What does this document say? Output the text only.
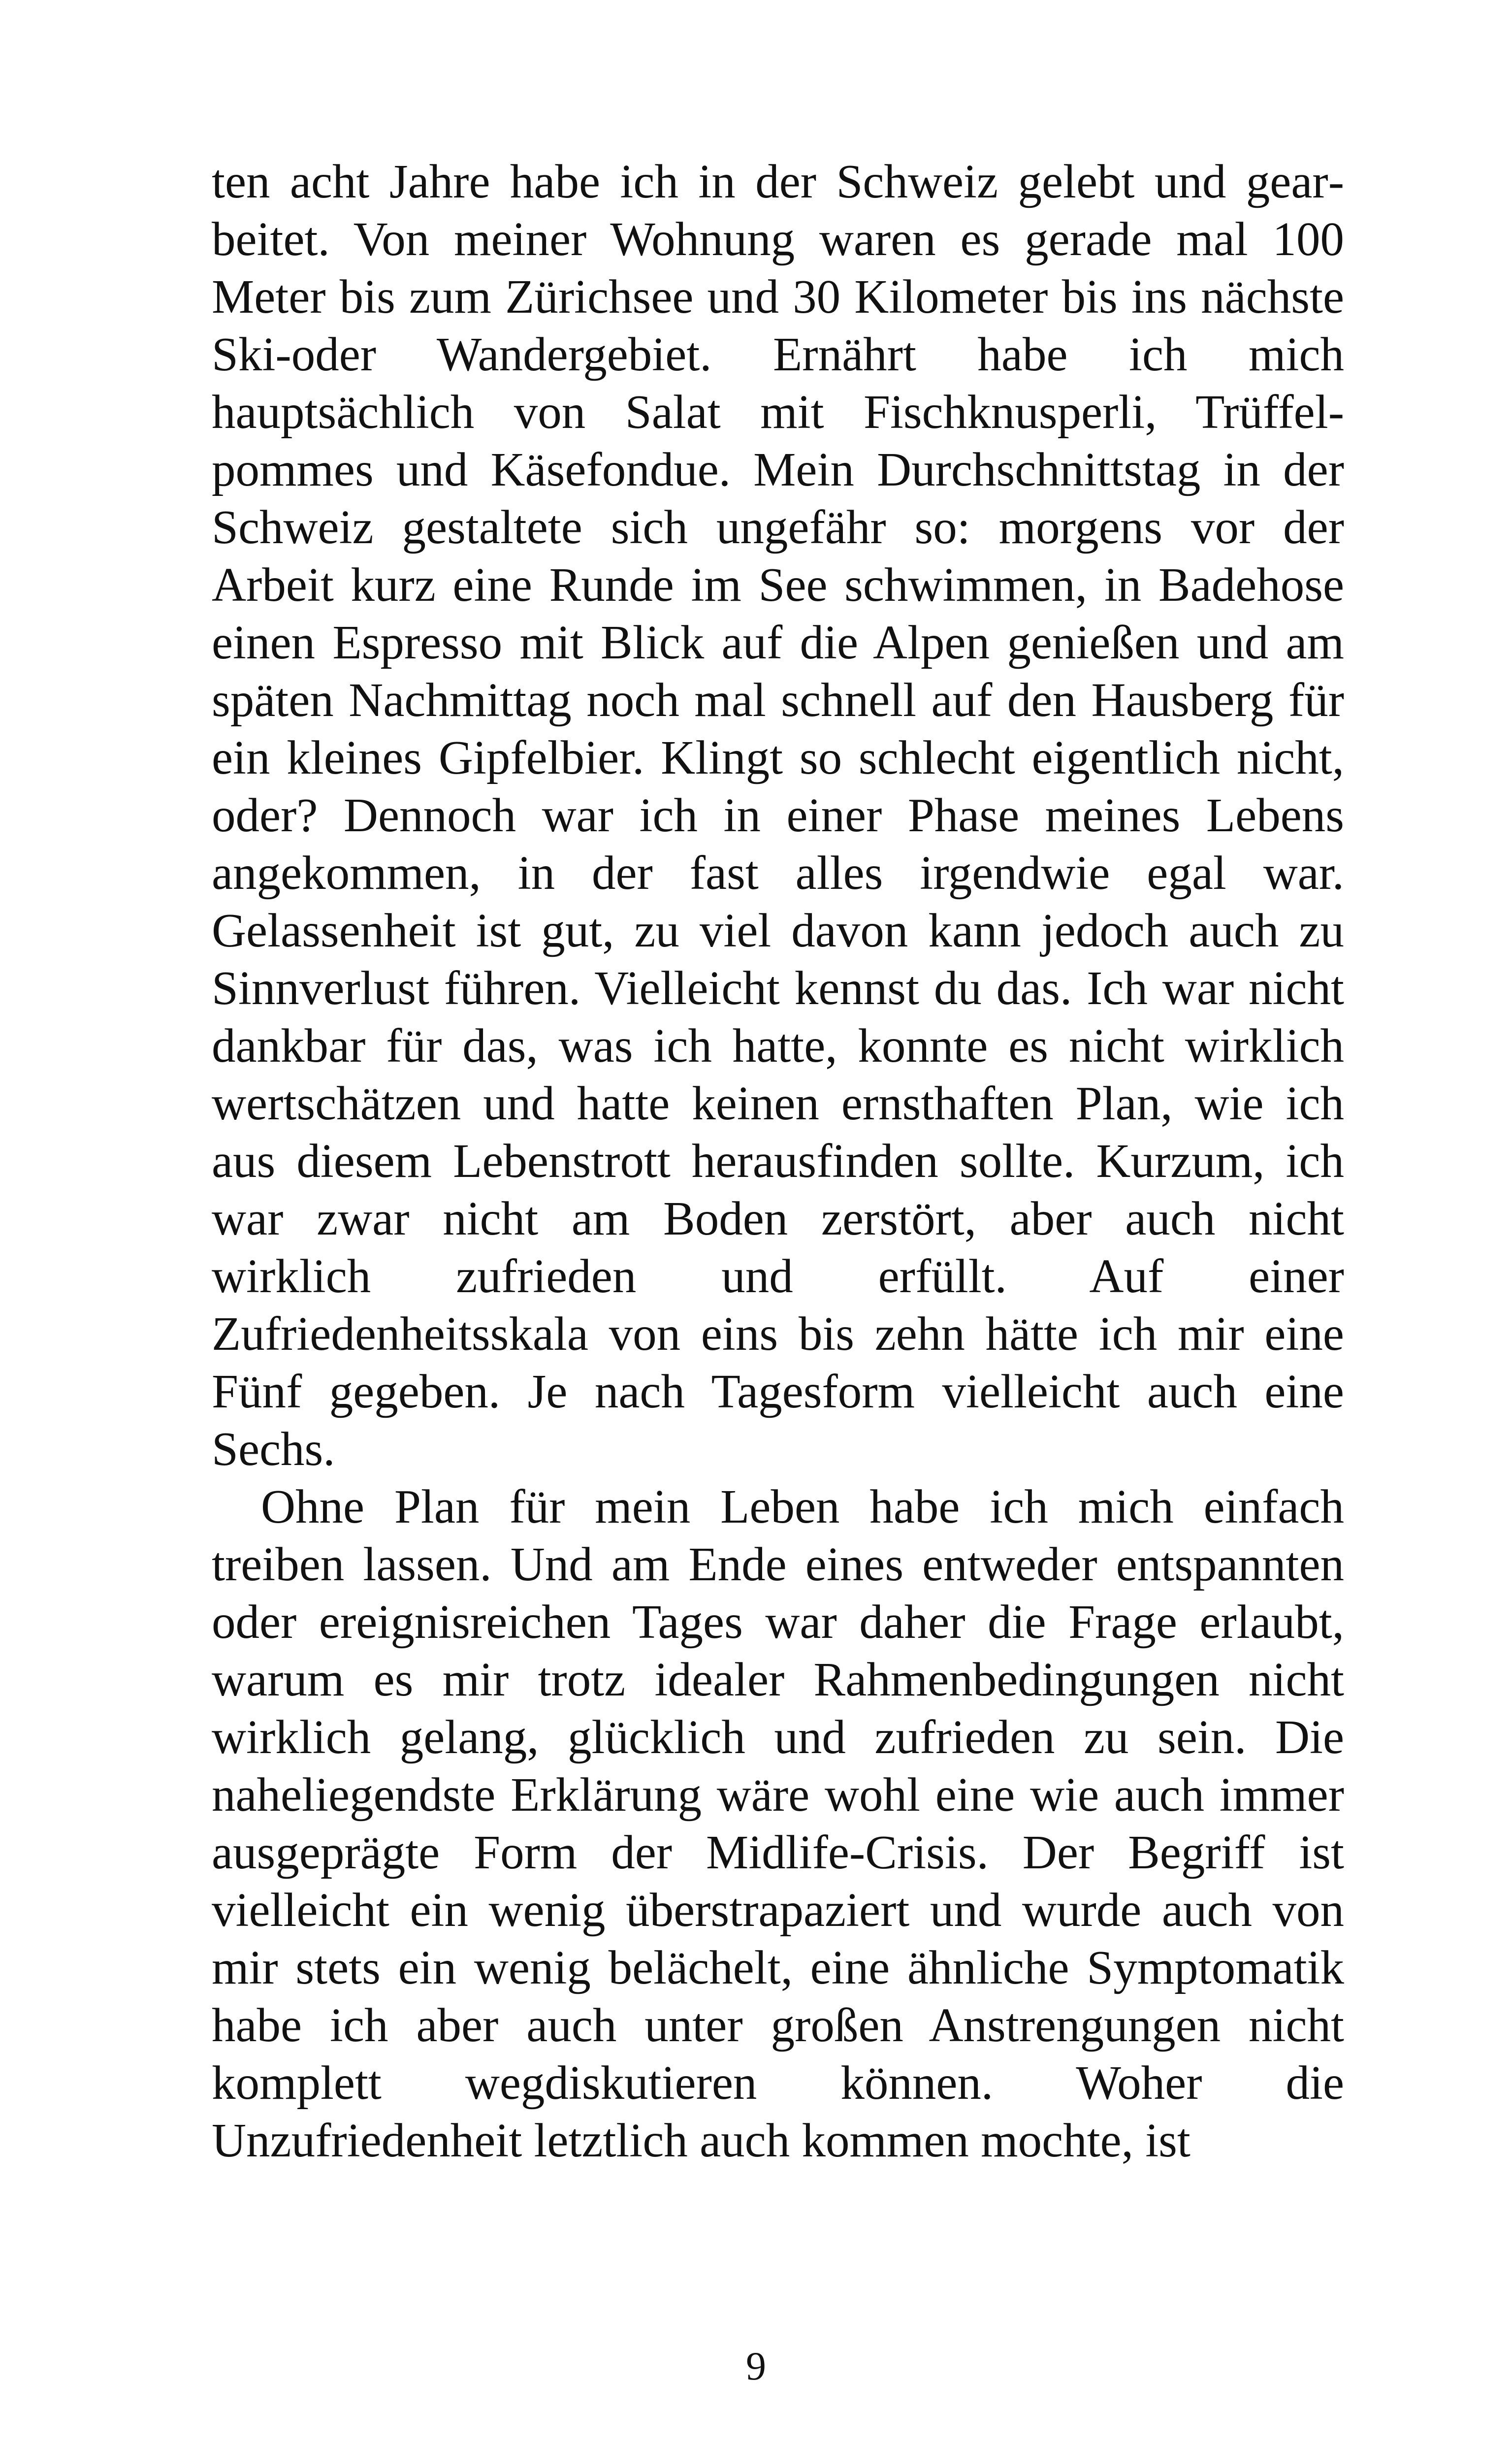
ten acht Jahre habe ich in der Schweiz gelebt und gearbeitet. Von meiner Wohnung waren es gerade mal 100 Meter bis zum Zürichsee und 30 Kilometer bis ins nächste Ski-oder Wandergebiet. Ernährt habe ich mich hauptsächlich von Salat mit Fischknusperli, Trüffelpommes und Käsefondue. Mein Durchschnittstag in der Schweiz gestaltete sich ungefähr so: morgens vor der Arbeit kurz eine Runde im See schwimmen, in Badehose einen Espresso mit Blick auf die Alpen genießen und am späten Nachmittag noch mal schnell auf den Hausberg für ein kleines Gipfelbier. Klingt so schlecht eigentlich nicht, oder? Dennoch war ich in einer Phase meines Lebens angekommen, in der fast alles irgendwie egal war. Gelassenheit ist gut, zu viel davon kann jedoch auch zu Sinnverlust führen. Vielleicht kennst du das. Ich war nicht dankbar für das, was ich hatte, konnte es nicht wirklich wertschätzen und hatte keinen ernsthaften Plan, wie ich aus diesem Lebenstrott herausfinden sollte. Kurzum, ich war zwar nicht am Boden zerstört, aber auch nicht wirklich zufrieden und erfüllt. Auf einer Zufriedenheitsskala von eins bis zehn hätte ich mir eine Fünf gegeben. Je nach Tagesform vielleicht auch eine Sechs.

Ohne Plan für mein Leben habe ich mich einfach treiben lassen. Und am Ende eines entweder entspannten oder ereignisreichen Tages war daher die Frage erlaubt, warum es mir trotz idealer Rahmenbedingungen nicht wirklich gelang, glücklich und zufrieden zu sein. Die naheliegendste Erklärung wäre wohl eine wie auch immer ausgeprägte Form der Midlife-Crisis. Der Begriff ist vielleicht ein wenig überstrapaziert und wurde auch von mir stets ein wenig belächelt, eine ähnliche Symptomatik habe ich aber auch unter großen Anstrengungen nicht komplett wegdiskutieren können. Woher die Unzufriedenheit letztlich auch kommen mochte, ist

9
